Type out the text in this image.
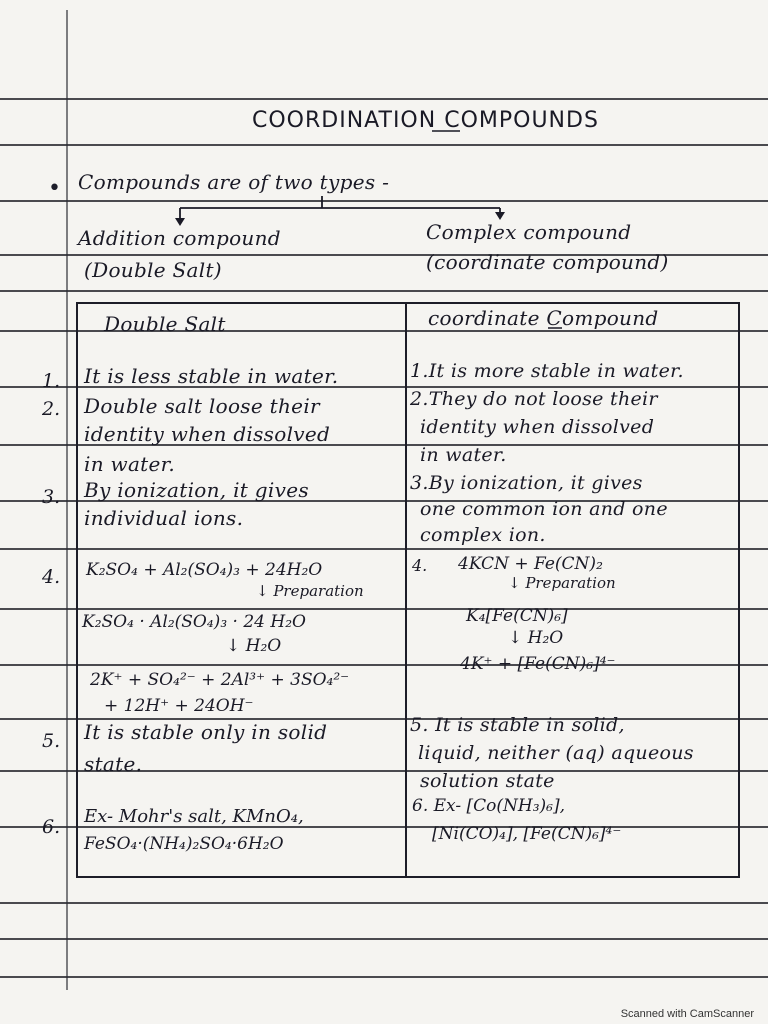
COORDINATION COMPOUNDS
• Compounds are of two types -
Addition compound
(Double Salt)
Complex compound
(coordinate compound)
Double Salt	coordinate Compound
1. It is less stable in water.	1.It is more stable in water.
2. Double salt loose their
identity when dissolved
in water.
2.They do not loose their
identity when dissolved
in water.
3. By ionization, it gives
individual ions.
3.By ionization, it gives
one common ion and one
complex ion.
4. K₂SO₄ + Al₂(SO₄)₃ + 24H₂O
↓ Preparation
K₂SO₄ · Al₂(SO₄)₃ · 24 H₂O
↓ H₂O
2K⁺ + SO₄²⁻ + 2Al³⁺ + 3SO₄²⁻
+ 12H⁺ + 24OH⁻
4. 4KCN + Fe(CN)₂
↓ Preparation
K₄[Fe(CN)₆]
↓ H₂O
4K⁺ + [Fe(CN)₆]⁴⁻
5. It is stable only in solid
state.
5. It is stable in solid,
liquid, neither (aq) aqueous
solution state
6. Ex- Mohr's salt, KMnO₄,
FeSO₄·(NH₄)₂SO₄·6H₂O
6. Ex- [Co(NH₃)₆],
[Ni(CO)₄], [Fe(CN)₆]⁴⁻
Scanned with CamScanner
